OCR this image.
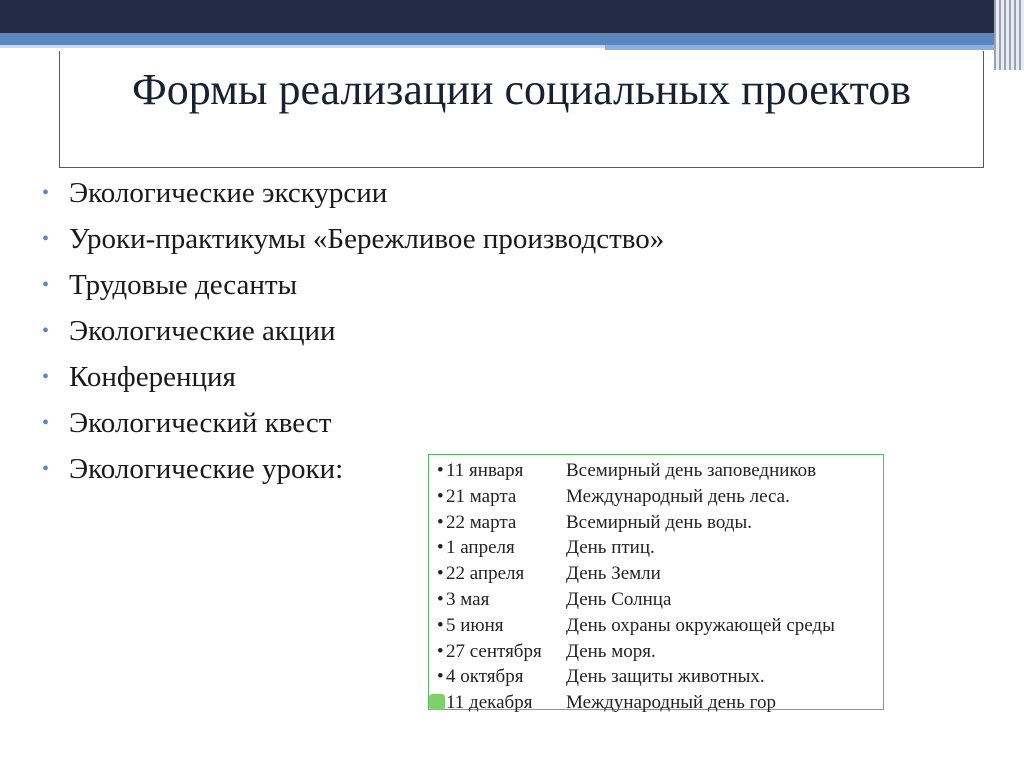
Формы реализации социальных проектов
• Экологические экскурсии
• Уроки-практикумы «Бережливое производство»
• Трудовые десанты
• Экологические акции
• Конференция
• Экологический квест
• Экологические уроки:	• 11 января Всемирный день заповедников
• 21 марта	Международный день леса.
• 22 марта	Всемирный день воды.
• 1 апреля	День птиц.
• 22 апреля День Земли
• 3 мая	День Солнца
• 5 июня	День охраны окружающей среды
• 27 сентября День моря.
• 4 октября День защиты животных.
11 декабря Международный день гор
